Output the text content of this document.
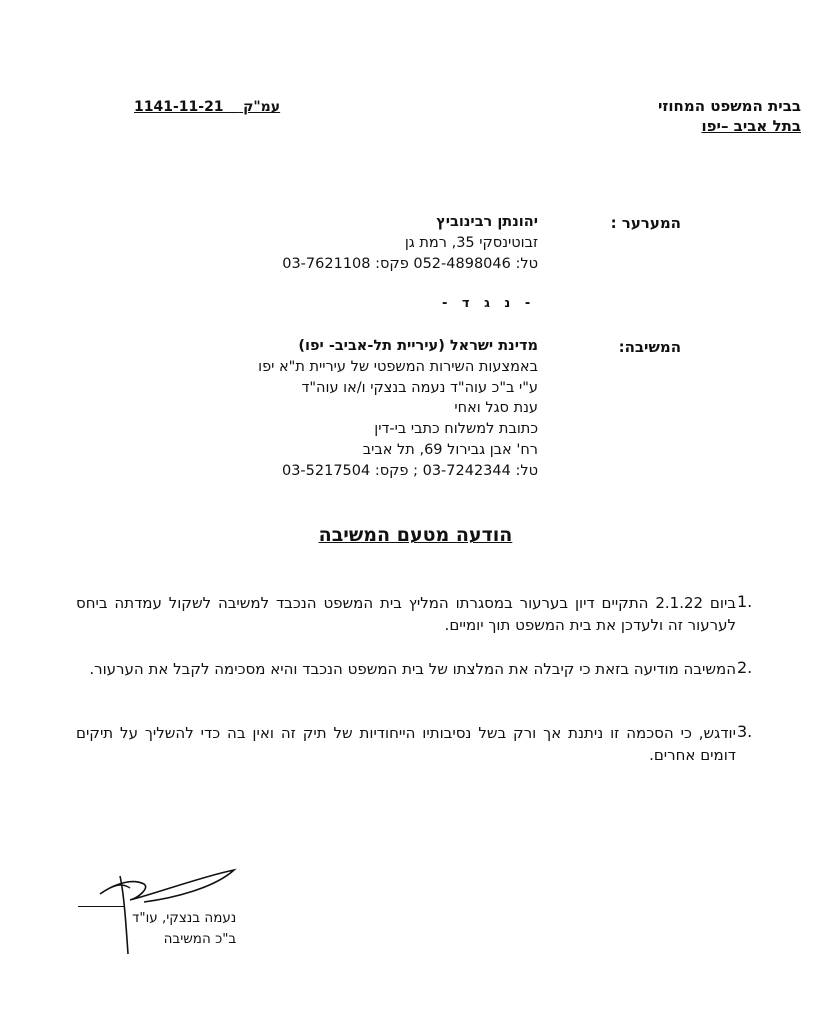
בבית המשפט המחוזי
בתל אביב –יפו
1141-11-21 עמ"ק
המערער :
יהונתן רבינוביץ
זבוטינסקי 35, רמת גן
טל: 052-4898046 פקס: 03-7621108
- נ ג ד -
המשיבה:
מדינת ישראל (עיריית תל-אביב- יפו)
באמצעות השירות המשפטי של עיריית ת"א יפו
ע"י ב"כ עוה"ד נעמה בנצקי ו/או עוה"ד
ענת סגל ואחי
כתובת למשלוח כתבי בי-דין
רח' אבן גבירול 69, תל אביב
טל: 03-7242344 ; פקס: 03-5217504
הודעה מטעם המשיבה
1.
ביום 2.1.22 התקיים דיון בערעור במסגרתו המליץ בית המשפט הנכבד למשיבה לשקול עמדתה ביחס לערעור זה ולעדכן את בית המשפט תוך יומיים.
2.
המשיבה מודיעה בזאת כי קיבלה את המלצתו של בית המשפט הנכבד והיא מסכימה לקבל את הערעור.
3.
יודגש, כי הסכמה זו ניתנת אך ורק בשל נסיבותיו הייחודיות של תיק זה ואין בה כדי להשליך על תיקים דומים אחרים.
נעמה בנצקי, עו"ד
ב"כ המשיבה
